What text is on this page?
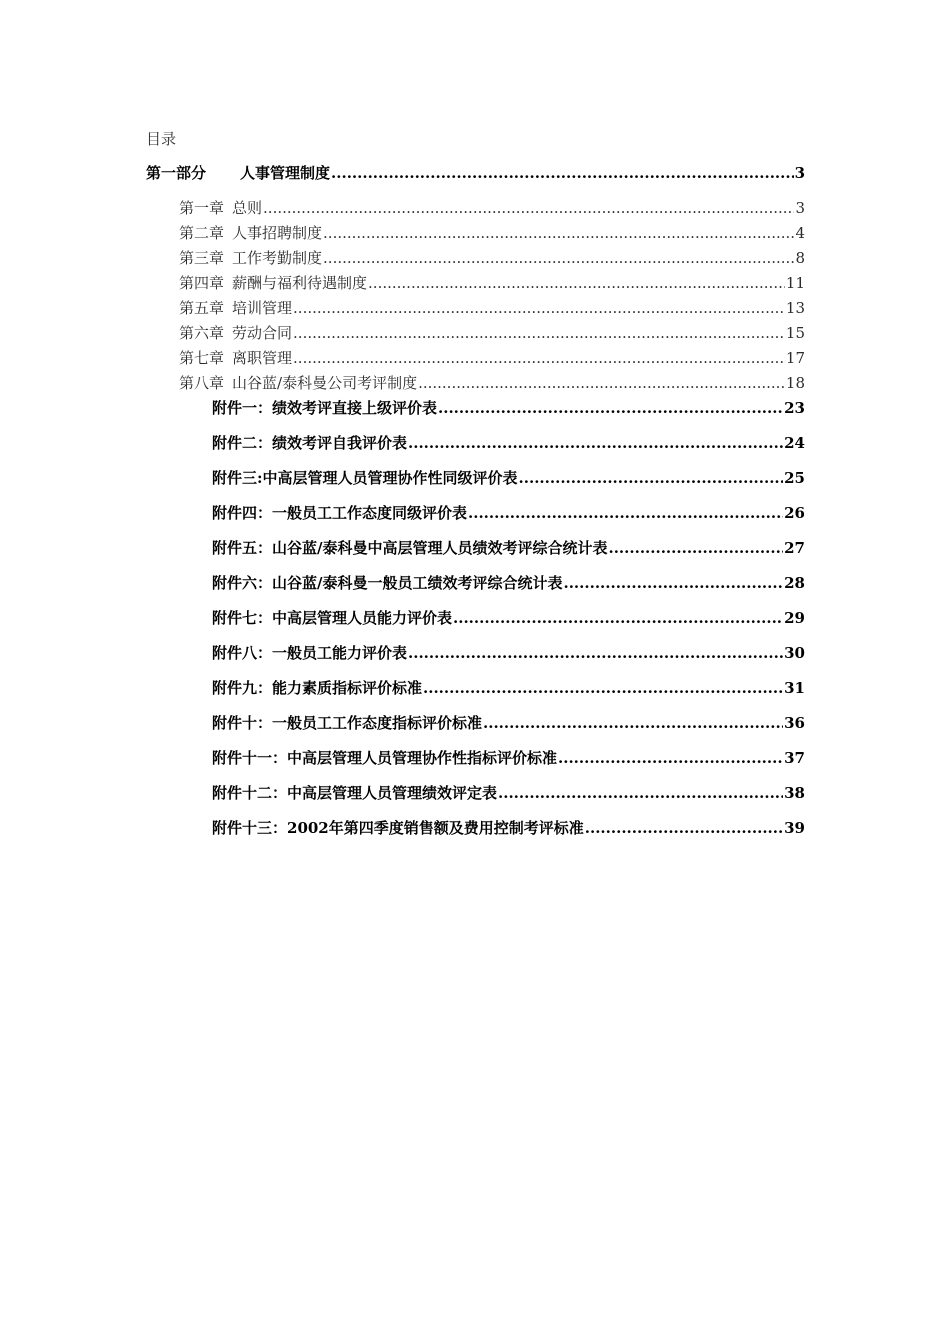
目录
第一部分 人事管理制度 .....	3
第一章 总则 .....	3
第二章 人事招聘制度 .....	4
第三章 工作考勤制度 .....	8
第四章 薪酬与福利待遇制度 .....	11
第五章 培训管理 .....	13
第六章 劳动合同 .....	15
第七章 离职管理 .....	17
第八章 山谷蓝/泰科曼公司考评制度 .....	18
附件一：绩效考评直接上级评价表 .....	23
附件二：绩效考评自我评价表 .....	24
附件三:中高层管理人员管理协作性同级评价表 .....	25
附件四：一般员工工作态度同级评价表 .....	26
附件五：山谷蓝/泰科曼中高层管理人员绩效考评综合统计表 .....	27
附件六：山谷蓝/泰科曼一般员工绩效考评综合统计表 .....	28
附件七：中高层管理人员能力评价表 .....	29
附件八：一般员工能力评价表 .....	30
附件九：能力素质指标评价标准 .....	31
附件十：一般员工工作态度指标评价标准 .....	36
附件十一：中高层管理人员管理协作性指标评价标准 .....	37
附件十二：中高层管理人员管理绩效评定表 .....	38
附件十三：2002年第四季度销售额及费用控制考评标准 .....	39
